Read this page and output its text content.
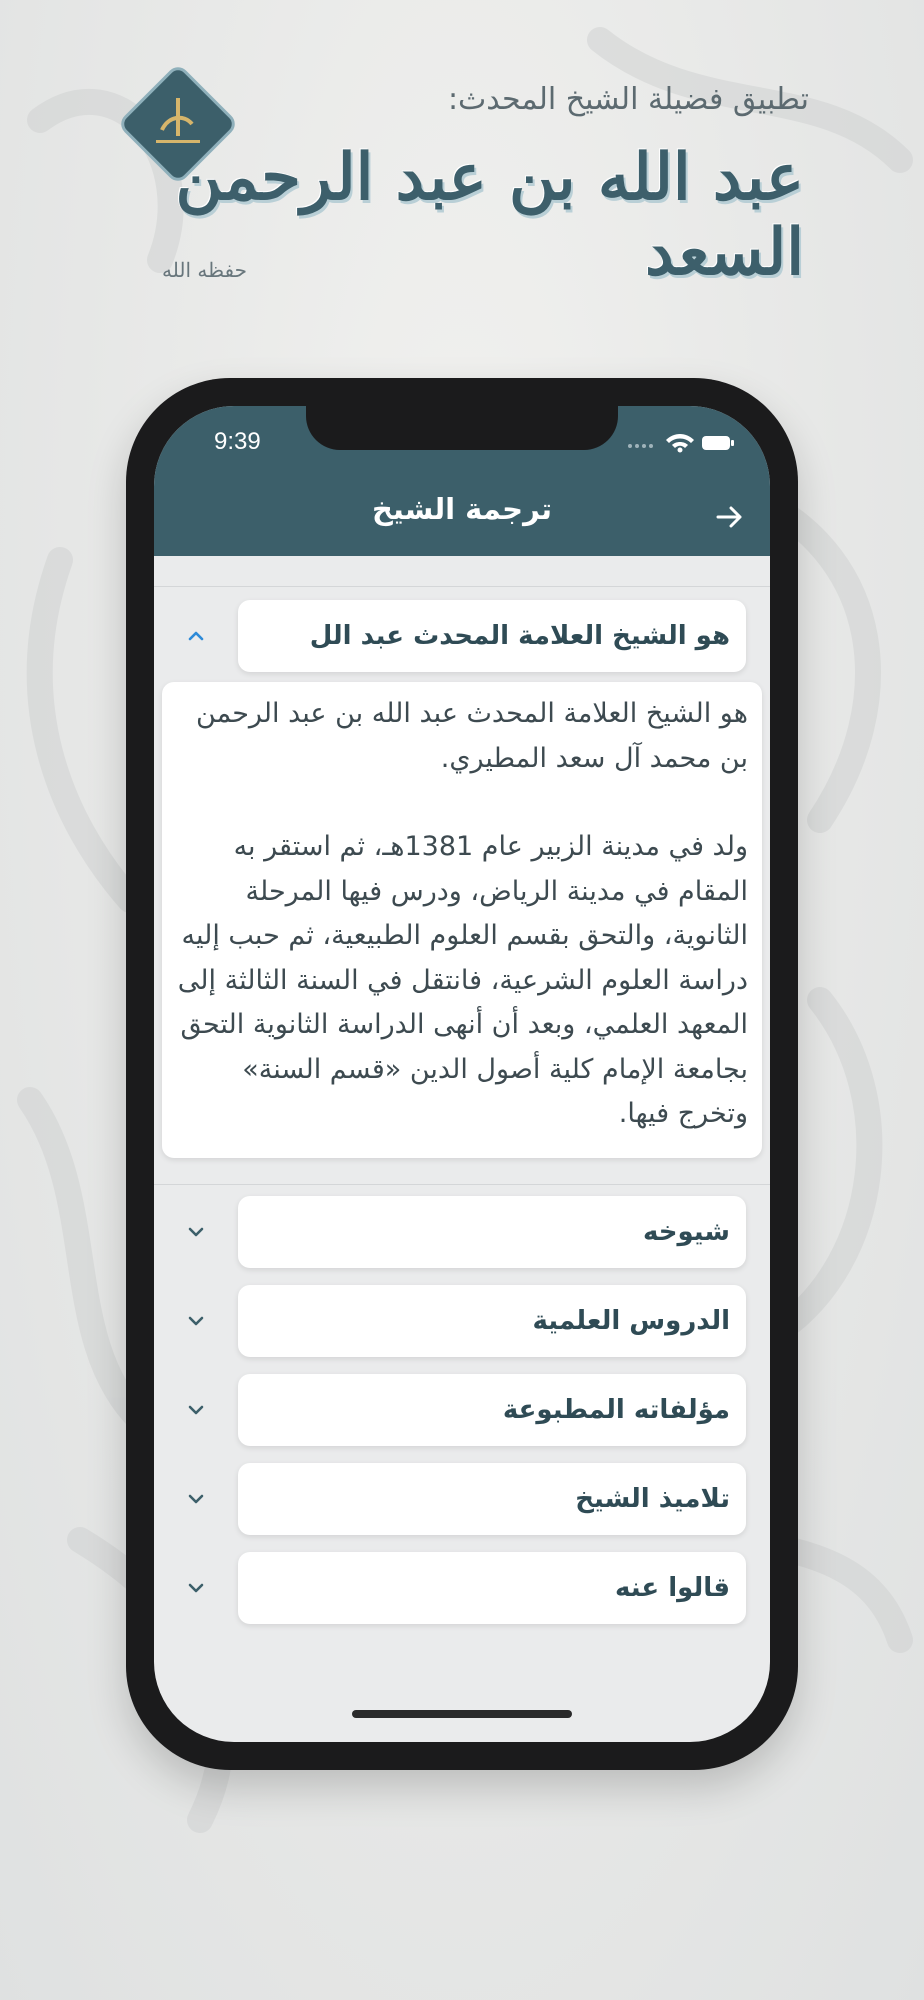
تطبيق فضيلة الشيخ المحدث:
عبد الله بن عبد الرحمن السعد
حفظه الله
9:39
ترجمة الشيخ
هو الشيخ العلامة المحدث عبد الل

هو الشيخ العلامة المحدث عبد الله بن عبد الرحمن بن محمد آل سعد المطيري.

ولد في مدينة الزبير عام 1381هـ، ثم استقر به المقام في مدينة الرياض، ودرس فيها المرحلة الثانوية، والتحق بقسم العلوم الطبيعية، ثم حبب إليه دراسة العلوم الشرعية، فانتقل في السنة الثالثة إلى المعهد العلمي، وبعد أن أنهى الدراسة الثانوية التحق بجامعة الإمام كلية أصول الدين «قسم السنة» وتخرج فيها.

شيوخه
الدروس العلمية
مؤلفاته المطبوعة
تلاميذ الشيخ
قالوا عنه
